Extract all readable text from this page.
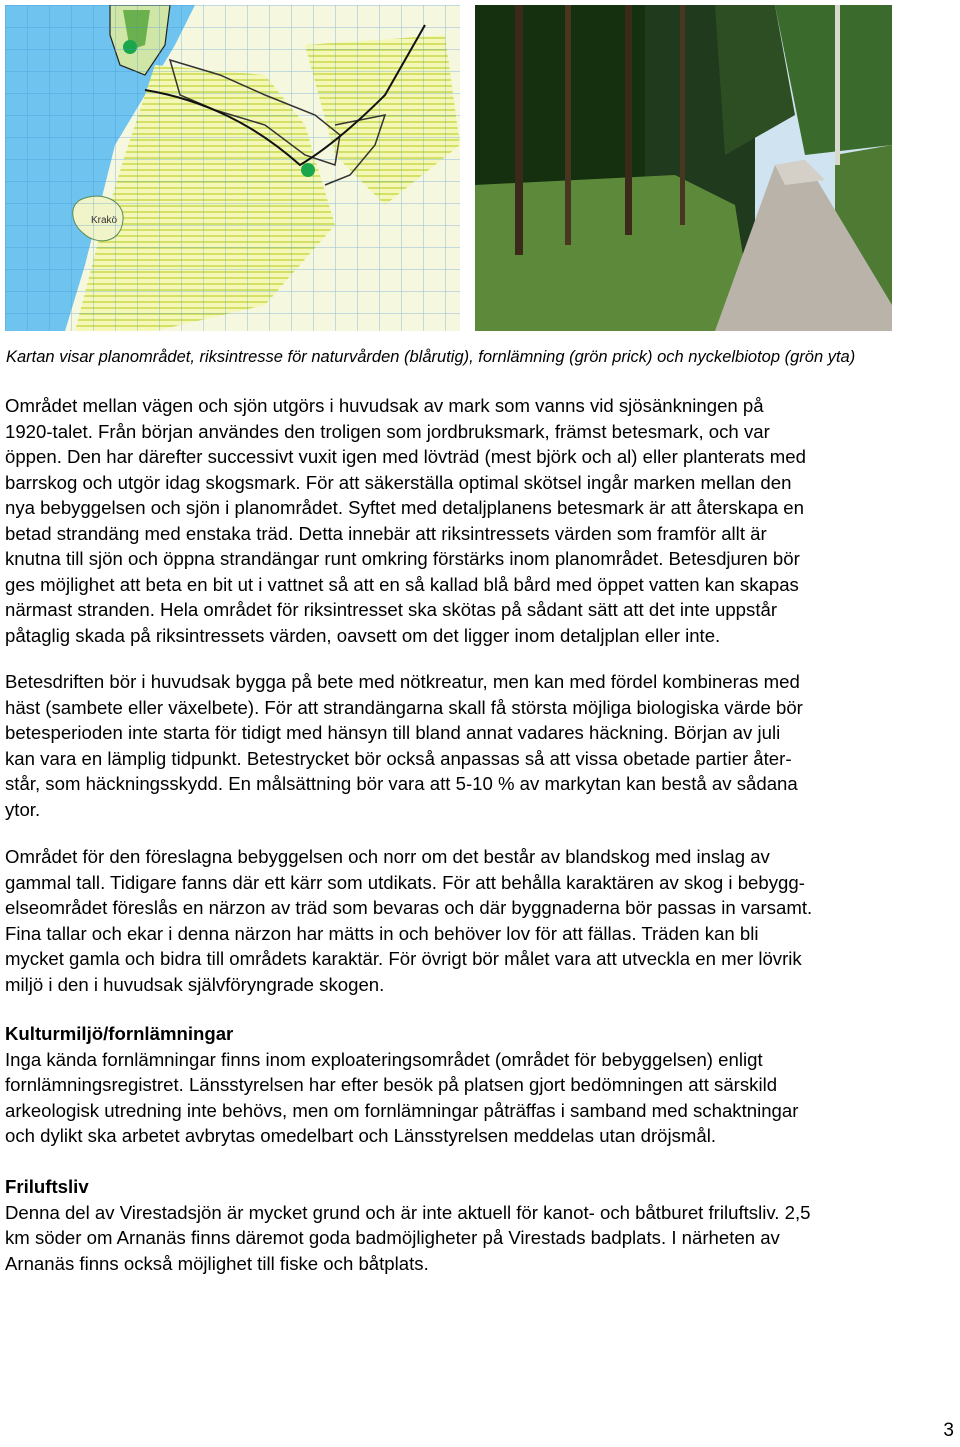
Kartan visar planområdet, riksintresse för naturvården (blårutig), fornlämning (grön prick) och nyckelbiotop (grön yta)
Området mellan vägen och sjön utgörs i huvudsak av mark som vanns vid sjösänkningen på
1920-talet. Från början användes den troligen som jordbruksmark, främst betesmark, och var
öppen. Den har därefter successivt vuxit igen med lövträd (mest björk och al) eller planterats med
barrskog och utgör idag skogsmark. För att säkerställa optimal skötsel ingår marken mellan den
nya bebyggelsen och sjön i planområdet. Syftet med detaljplanens betesmark är att återskapa en
betad strandäng med enstaka träd. Detta innebär att riksintressets värden som framför allt är
knutna till sjön och öppna strandängar runt omkring förstärks inom planområdet. Betesdjuren bör
ges möjlighet att beta en bit ut i vattnet så att en så kallad blå bård med öppet vatten kan skapas
närmast stranden. Hela området för riksintresset ska skötas på sådant sätt att det inte uppstår
påtaglig skada på riksintressets värden, oavsett om det ligger inom detaljplan eller inte.
Betesdriften bör i huvudsak bygga på bete med nötkreatur, men kan med fördel kombineras med
häst (sambete eller växelbete). För att strandängarna skall få största möjliga biologiska värde bör
betesperioden inte starta för tidigt med hänsyn till bland annat vadares häckning. Början av juli
kan vara en lämplig tidpunkt. Betestrycket bör också anpassas så att vissa obetade partier åter-
står, som häckningsskydd. En målsättning bör vara att 5-10 % av markytan kan bestå av sådana
ytor.
Området för den föreslagna bebyggelsen och norr om det består av blandskog med inslag av
gammal tall. Tidigare fanns där ett kärr som utdikats. För att behålla karaktären av skog i bebygg-
elseområdet föreslås en närzon av träd som bevaras och där byggnaderna bör passas in varsamt.
Fina tallar och ekar i denna närzon har mätts in och behöver lov för att fällas. Träden kan bli
mycket gamla och bidra till områdets karaktär. För övrigt bör målet vara att utveckla en mer lövrik
miljö i den i huvudsak självföryngrade skogen.
Kulturmiljö/fornlämningar
Inga kända fornlämningar finns inom exploateringsområdet (området för bebyggelsen) enligt
fornlämningsregistret. Länsstyrelsen har efter besök på platsen gjort bedömningen att särskild
arkeologisk utredning inte behövs, men om fornlämningar påträffas i samband med schaktningar
och dylikt ska arbetet avbrytas omedelbart och Länsstyrelsen meddelas utan dröjsmål.
Friluftsliv
Denna del av Virestadsjön är mycket grund och är inte aktuell för kanot- och båtburet friluftsliv. 2,5
km söder om Arnanäs finns däremot goda badmöjligheter på Virestads badplats. I närheten av
Arnanäs finns också möjlighet till fiske och båtplats.
3
